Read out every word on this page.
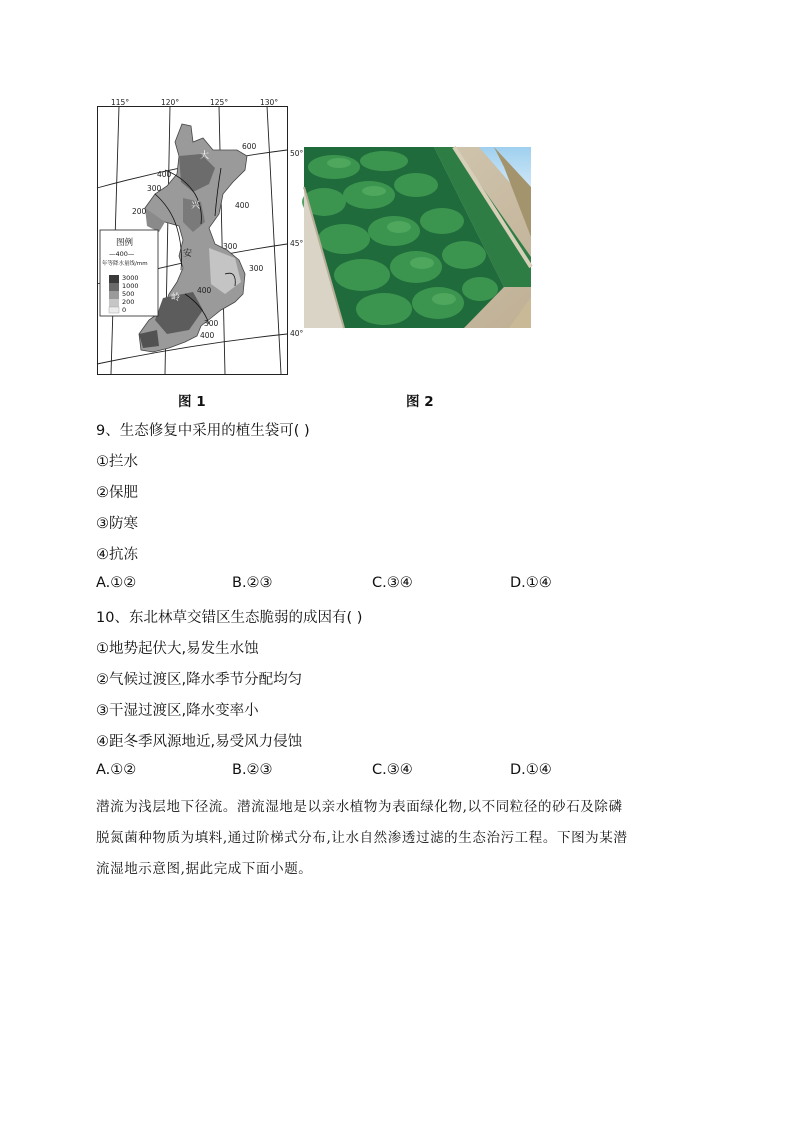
115°	120°	125°	130°
50°
45°
40°
600
400
300
200
400
300
300
400
300
400
大
兴
安
岭
图例
—400—
年等降水量线/mm
3000
1000
500
200
0
图 1	图 2
9、生态修复中采用的植生袋可( )
①拦水
②保肥
③防寒
④抗冻
A.①②	B.②③	C.③④	D.①④
10、东北林草交错区生态脆弱的成因有( )
①地势起伏大,易发生水蚀
②气候过渡区,降水季节分配均匀
③干湿过渡区,降水变率小
④距冬季风源地近,易受风力侵蚀
A.①②	B.②③	C.③④	D.①④
潜流为浅层地下径流。潜流湿地是以亲水植物为表面绿化物,以不同粒径的砂石及除磷
脱氮菌种物质为填料,通过阶梯式分布,让水自然渗透过滤的生态治污工程。下图为某潜
流湿地示意图,据此完成下面小题。
